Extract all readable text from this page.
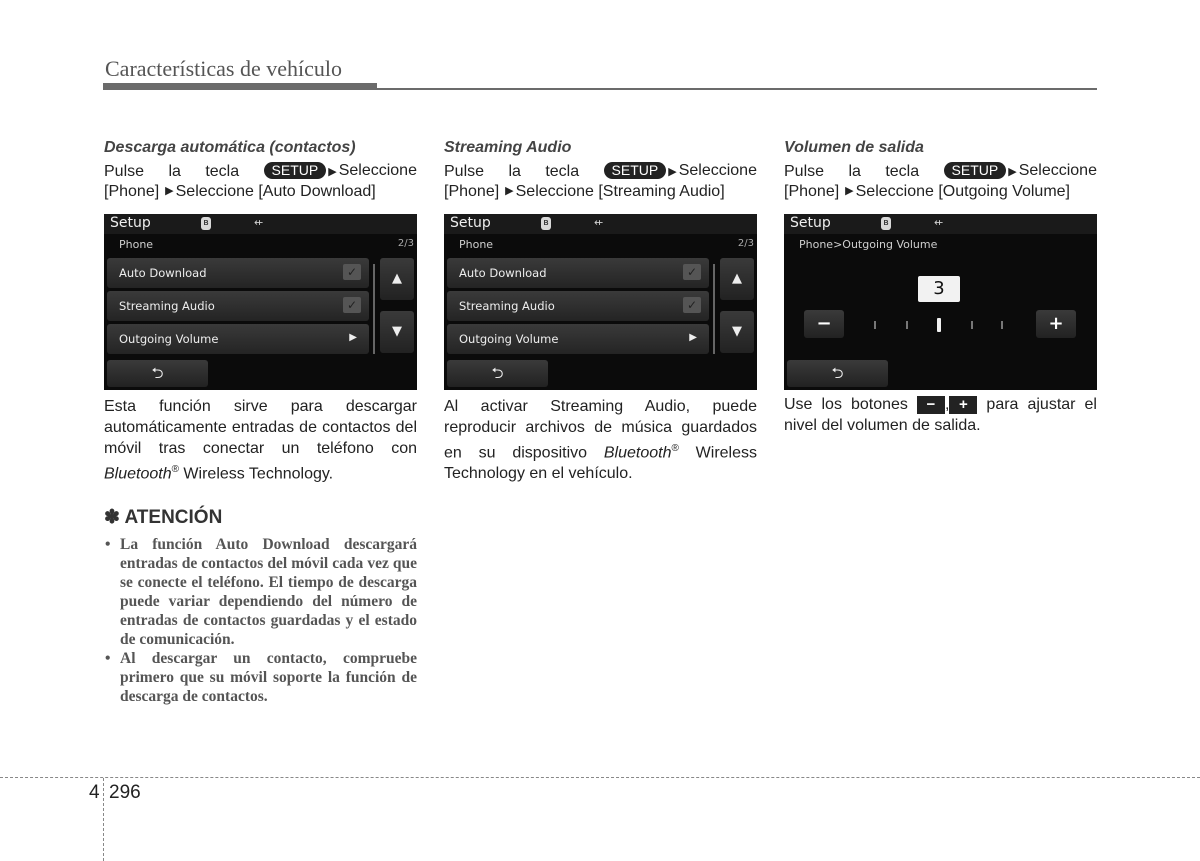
Características de vehículo
Descarga automática (contactos)
Pulse la tecla	SETUP ▶ Seleccione
[Phone] ▶ Seleccione [Auto Download]
Setup	ʙ	⇷
Phone	2/3
Auto Download	✓
Streaming Audio	✓
Outgoing Volume	▶
▲
▼
⮌
Esta función sirve para descargar automáticamente entradas de contactos del móvil tras conectar un teléfono con Bluetooth® Wireless Technology.
✽ ATENCIÓN
• La función Auto Download descargará entradas de contactos del móvil cada vez que se conecte el teléfono. El tiempo de descarga puede variar dependiendo del número de entradas de contactos guardadas y el estado de comunicación.
• Al descargar un contacto, compruebe primero que su móvil soporte la función de descarga de contactos.
Streaming Audio
Pulse la tecla	SETUP ▶ Seleccione
[Phone] ▶ Seleccione [Streaming Audio]
Setup	ʙ	⇷
Phone	2/3
Auto Download	✓
Streaming Audio	✓
Outgoing Volume	▶
▲
▼
⮌
Al activar Streaming Audio, puede reproducir archivos de música guardados en su dispositivo Bluetooth® Wireless Technology en el vehículo.
Volumen de salida
Pulse la tecla	SETUP ▶ Seleccione
[Phone] ▶ Seleccione [Outgoing Volume]
Setup	ʙ	⇷
Phone>Outgoing Volume
3
−	+
⮌
Use los botones − , + para ajustar el nivel del volumen de salida.
4 296
